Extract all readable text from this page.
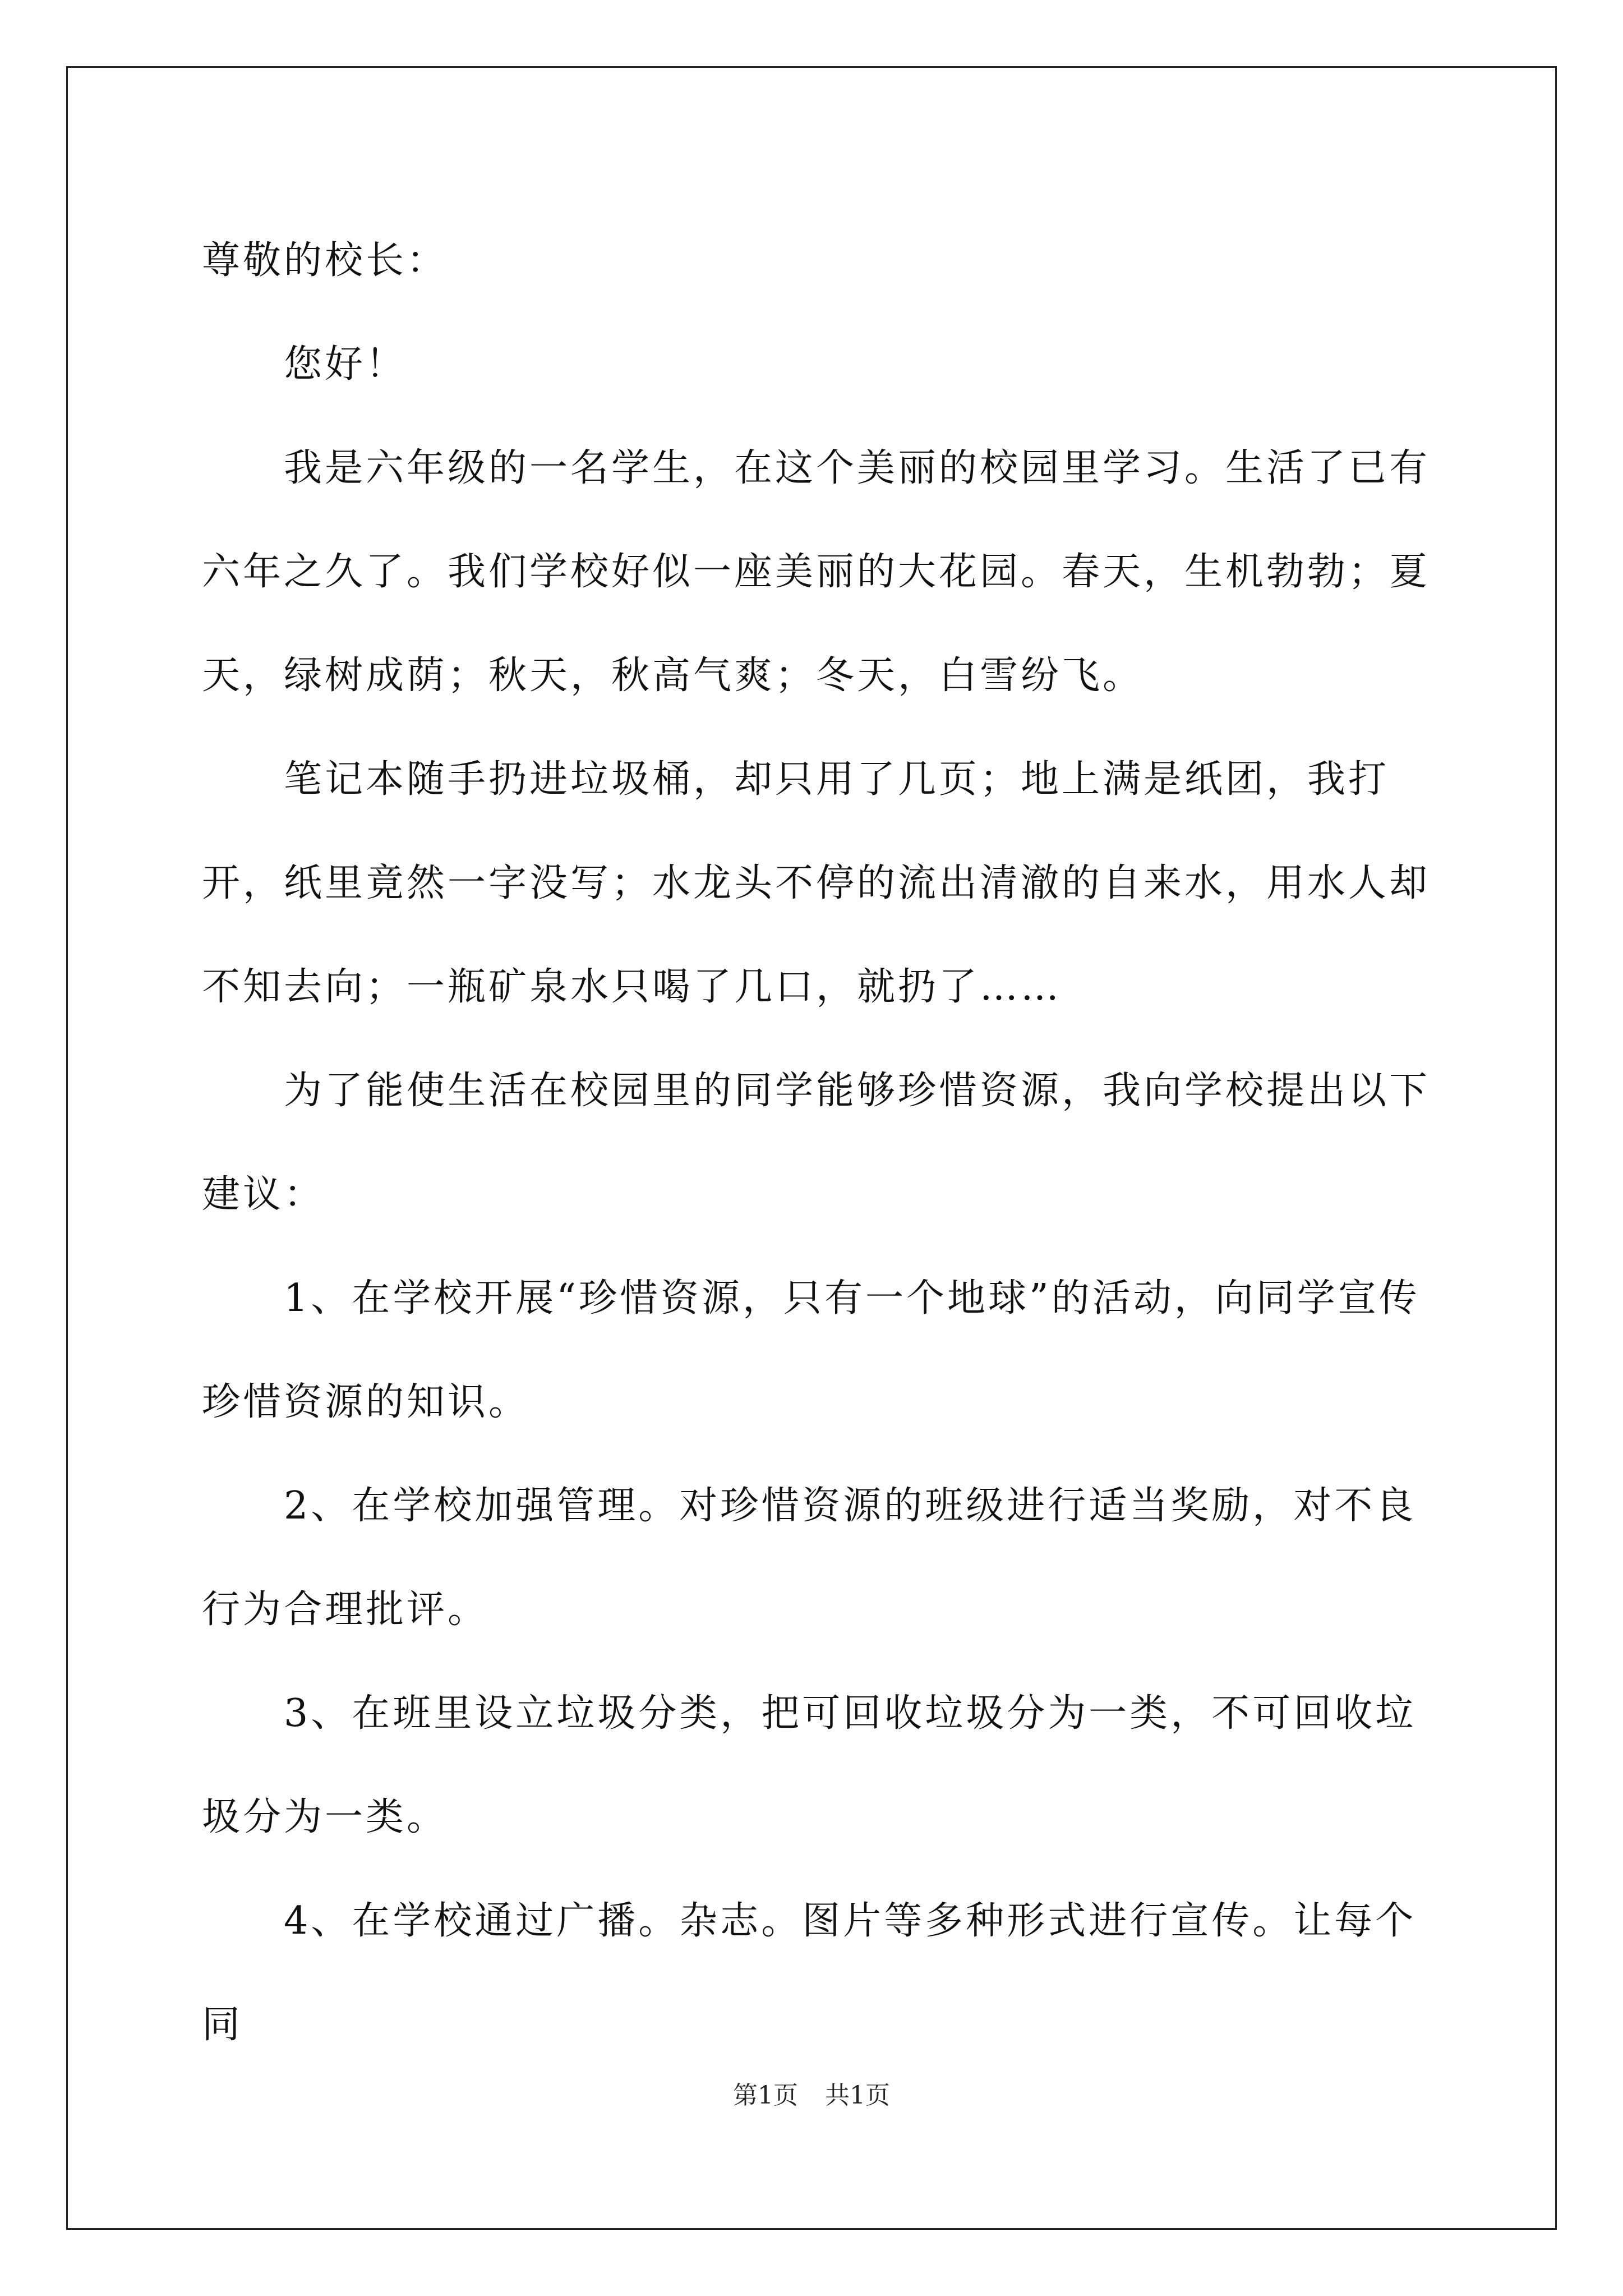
尊敬的校长：

您好！

我是六年级的一名学生，在这个美丽的校园里学习。生活了已有六年之久了。我们学校好似一座美丽的大花园。春天，生机勃勃；夏天，绿树成荫；秋天，秋高气爽；冬天，白雪纷飞。

笔记本随手扔进垃圾桶，却只用了几页；地上满是纸团，我打开，纸里竟然一字没写；水龙头不停的流出清澈的自来水，用水人却不知去向；一瓶矿泉水只喝了几口，就扔了……

为了能使生活在校园里的同学能够珍惜资源，我向学校提出以下建议：

1、在学校开展“珍惜资源，只有一个地球”的活动，向同学宣传珍惜资源的知识。

2、在学校加强管理。对珍惜资源的班级进行适当奖励，对不良行为合理批评。

3、在班里设立垃圾分类，把可回收垃圾分为一类，不可回收垃圾分为一类。

4、在学校通过广播。杂志。图片等多种形式进行宣传。让每个同

第1页 共1页
